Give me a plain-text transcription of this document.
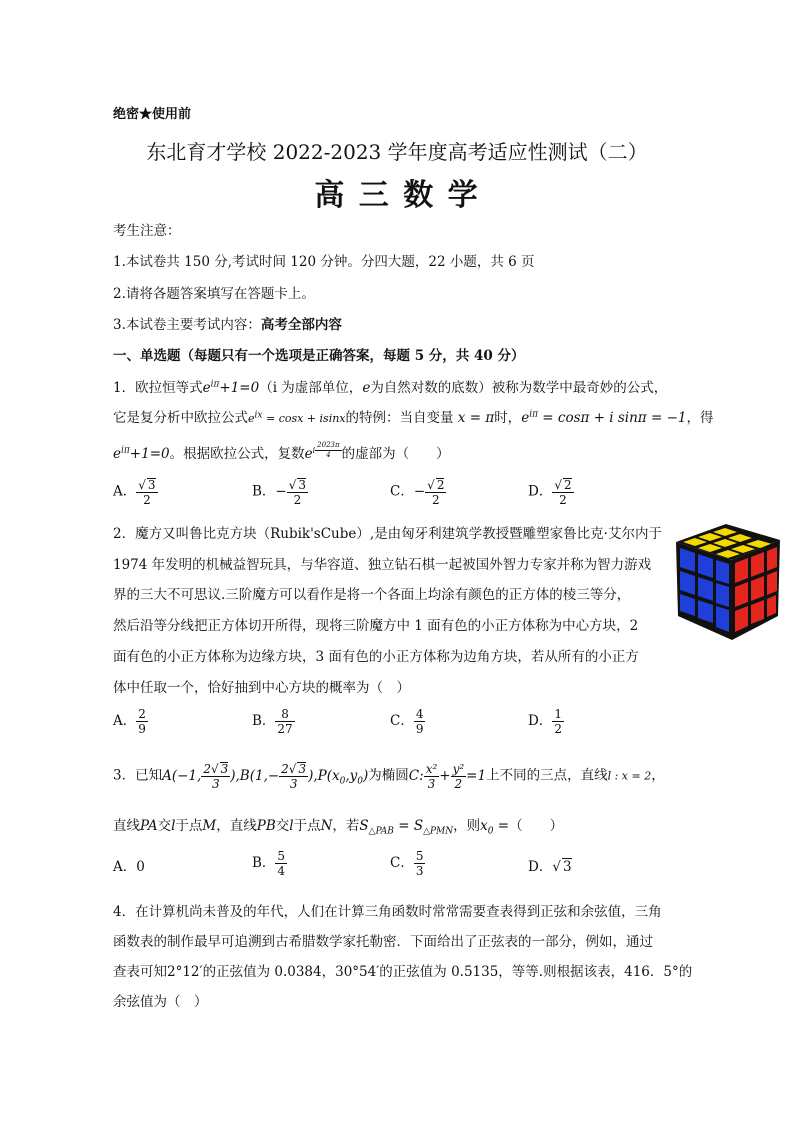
绝密★使用前
东北育才学校 2022-2023 学年度高考适应性测试（二）
高 三 数 学
考生注意：
1.本试卷共 150 分,考试时间 120 分钟。分四大题，22 小题，共 6 页
2.请将各题答案填写在答题卡上。
3.本试卷主要考试内容：高考全部内容
一、单选题（每题只有一个选项是正确答案，每题 5 分，共 40 分）
1．欧拉恒等式$e^{i\pi}+1=0(i$ 为虚部单位，e为自然对数的底数）被称为数学中最奇妙的公式，
它是复分析中欧拉公式$e^{ix} = \cos x + isinx$的特例：当自变量 x = π时，$e^{i\pi} = \cos\pi + i$ sinπ = −1，得
$e^{i\pi}+1=0$。根据欧拉公式，复数$e^{i \frac{2023\pi}{4}}$ 的虚部为（　　）
A． $\frac{√ 3}{2}$	B．− $\frac{√ 3}{2}$	C．− $\frac{√ 2}{2}$	D． $\frac{√ 2}{2}$
2．魔方又叫鲁比克方块（Rubik'sCube）,是由匈牙利建筑学教授暨雕塑家鲁比克·艾尔内于
1974 年发明的机械益智玩具，与华容道、独立钻石棋一起被国外智力专家并称为智力游戏
界的三大不可思议.三阶魔方可以看作是将一个各面上均涂有颜色的正方体的棱三等分，
然后沿等分线把正方体切开所得，现将三阶魔方中 1 面有色的小正方体称为中心方块，2
面有色的小正方体称为边缘方块，3 面有色的小正方体称为边角方块，若从所有的小正方
体中任取一个，恰好抽到中心方块的概率为（　）
A． $\frac{2}{9}$	B． $\frac{8}{27}$	C． $\frac{4}{9}$	D． $\frac{1}{2}$
3．已知A(−1, $\frac{2√ 3}{3} ),B(1,- \frac{2√ 3}{3} ),P(x_0,y_0)$为椭圆C: $\frac{\text{x²}}{3} + \frac{\text{y²}}{2} =1$上不同的三点，直线l : x = 2，
直线PA交l于点M，直线PB交l于点N，若$S_{\triangle PAB} = S_{\triangle PMN}$，则$x_0$ =（　　）
A．0	B． $\frac{5}{4}$	C． $\frac{5}{3}$	D．√ 3
4．在计算机尚未普及的年代，人们在计算三角函数时常常需要查表得到正弦和余弦值，三角
函数表的制作最早可追溯到古希腊数学家托勒密．下面给出了正弦表的一部分，例如，通过
查表可知2°12′的正弦值为 0.0384，30°54′的正弦值为 0.5135，等等.则根据该表，416．5°的
余弦值为（　）
